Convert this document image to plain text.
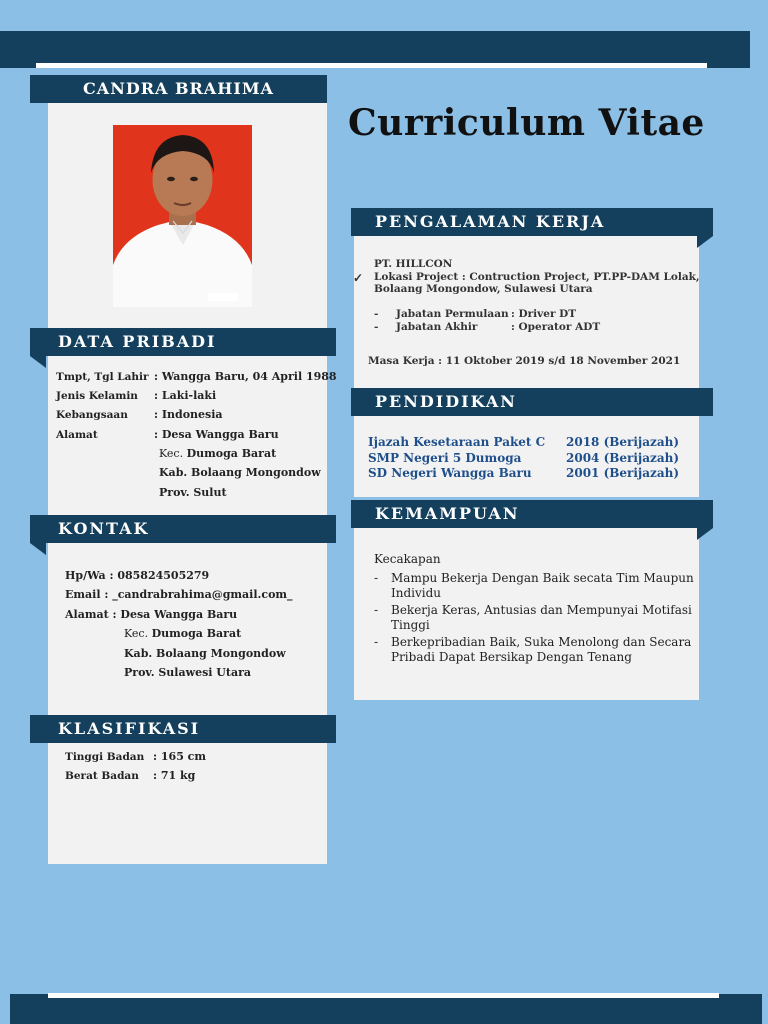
CANDRA BRAHIMA
Curriculum Vitae
DATA PRIBADI
KONTAK
KLASIFIKASI
PENGALAMAN KERJA
PENDIDIKAN
KEMAMPUAN
Tmpt, Tgl Lahir : Wangga Baru, 04 April 1988
Jenis Kelamin : Laki-laki
Kebangsaan : Indonesia
Alamat	: Desa Wangga Baru
Kec. Dumoga Barat
Kab. Bolaang Mongondow
Prov. Sulut
Hp/Wa : 085824505279
Email : _candrabrahima@gmail.com_
Alamat : Desa Wangga Baru
Kec. Dumoga Barat
Kab. Bolaang Mongondow
Prov. Sulawesi Utara
Tinggi Badan : 165 cm
Berat Badan : 71 kg
✓
PT. HILLCON
Lokasi Project : Contruction Project, PT.PP-DAM Lolak,
Bolaang Mongondow, Sulawesi Utara
- Jabatan Permulaan : Driver DT
- Jabatan Akhir	: Operator ADT
Masa Kerja : 11 Oktober 2019 s/d 18 November 2021
Ijazah Kesetaraan Paket C 2018 (Berijazah)
SMP Negeri 5 Dumoga	2004 (Berijazah)
SD Negeri Wangga Baru	2001 (Berijazah)
Kecakapan
- Mampu Bekerja Dengan Baik secata Tim Maupun
Individu
- Bekerja Keras, Antusias dan Mempunyai Motifasi
Tinggi
- Berkepribadian Baik, Suka Menolong dan Secara
Pribadi Dapat Bersikap Dengan Tenang
